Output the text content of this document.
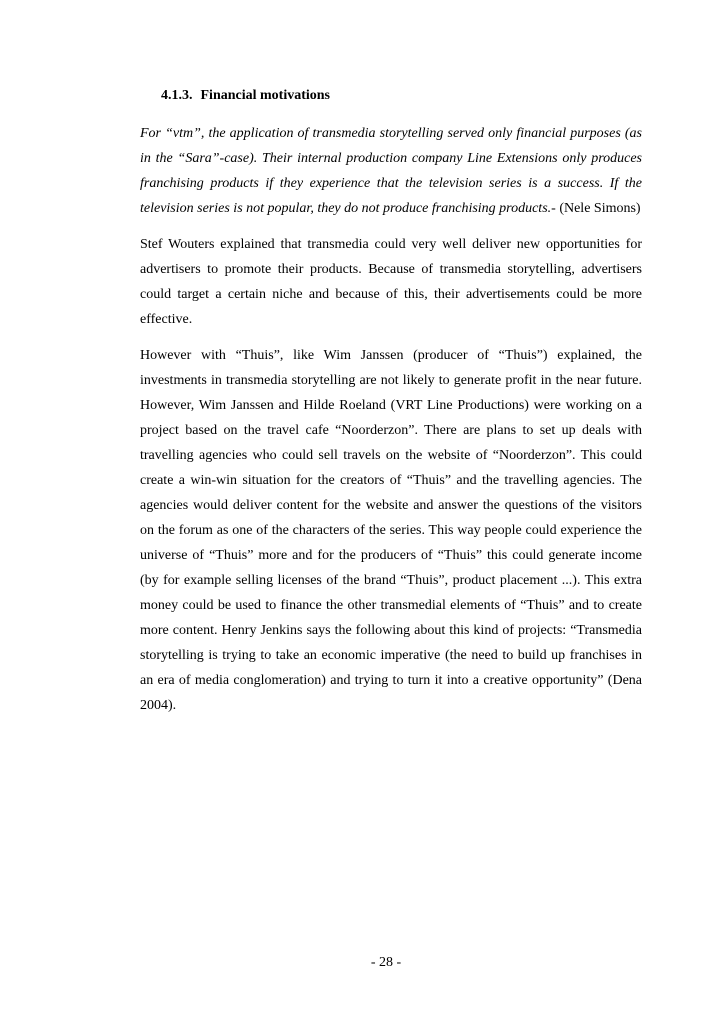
4.1.3. Financial motivations

For “vtm”, the application of transmedia storytelling served only financial purposes (as in the “Sara”-case). Their internal production company Line Extensions only produces franchising products if they experience that the television series is a success. If the television series is not popular, they do not produce franchising products.- (Nele Simons)

Stef Wouters explained that transmedia could very well deliver new opportunities for advertisers to promote their products. Because of transmedia storytelling, advertisers could target a certain niche and because of this, their advertisements could be more effective.

However with “Thuis”, like Wim Janssen (producer of “Thuis”) explained, the investments in transmedia storytelling are not likely to generate profit in the near future. However, Wim Janssen and Hilde Roeland (VRT Line Productions) were working on a project based on the travel cafe “Noorderzon”. There are plans to set up deals with travelling agencies who could sell travels on the website of “Noorderzon”. This could create a win-win situation for the creators of “Thuis” and the travelling agencies. The agencies would deliver content for the website and answer the questions of the visitors on the forum as one of the characters of the series. This way people could experience the universe of “Thuis” more and for the producers of “Thuis” this could generate income (by for example selling licenses of the brand “Thuis”, product placement ...). This extra money could be used to finance the other transmedial elements of “Thuis” and to create more content. Henry Jenkins says the following about this kind of projects: “Transmedia storytelling is trying to take an economic imperative (the need to build up franchises in an era of media conglomeration) and trying to turn it into a creative opportunity” (Dena 2004).

- 28 -
